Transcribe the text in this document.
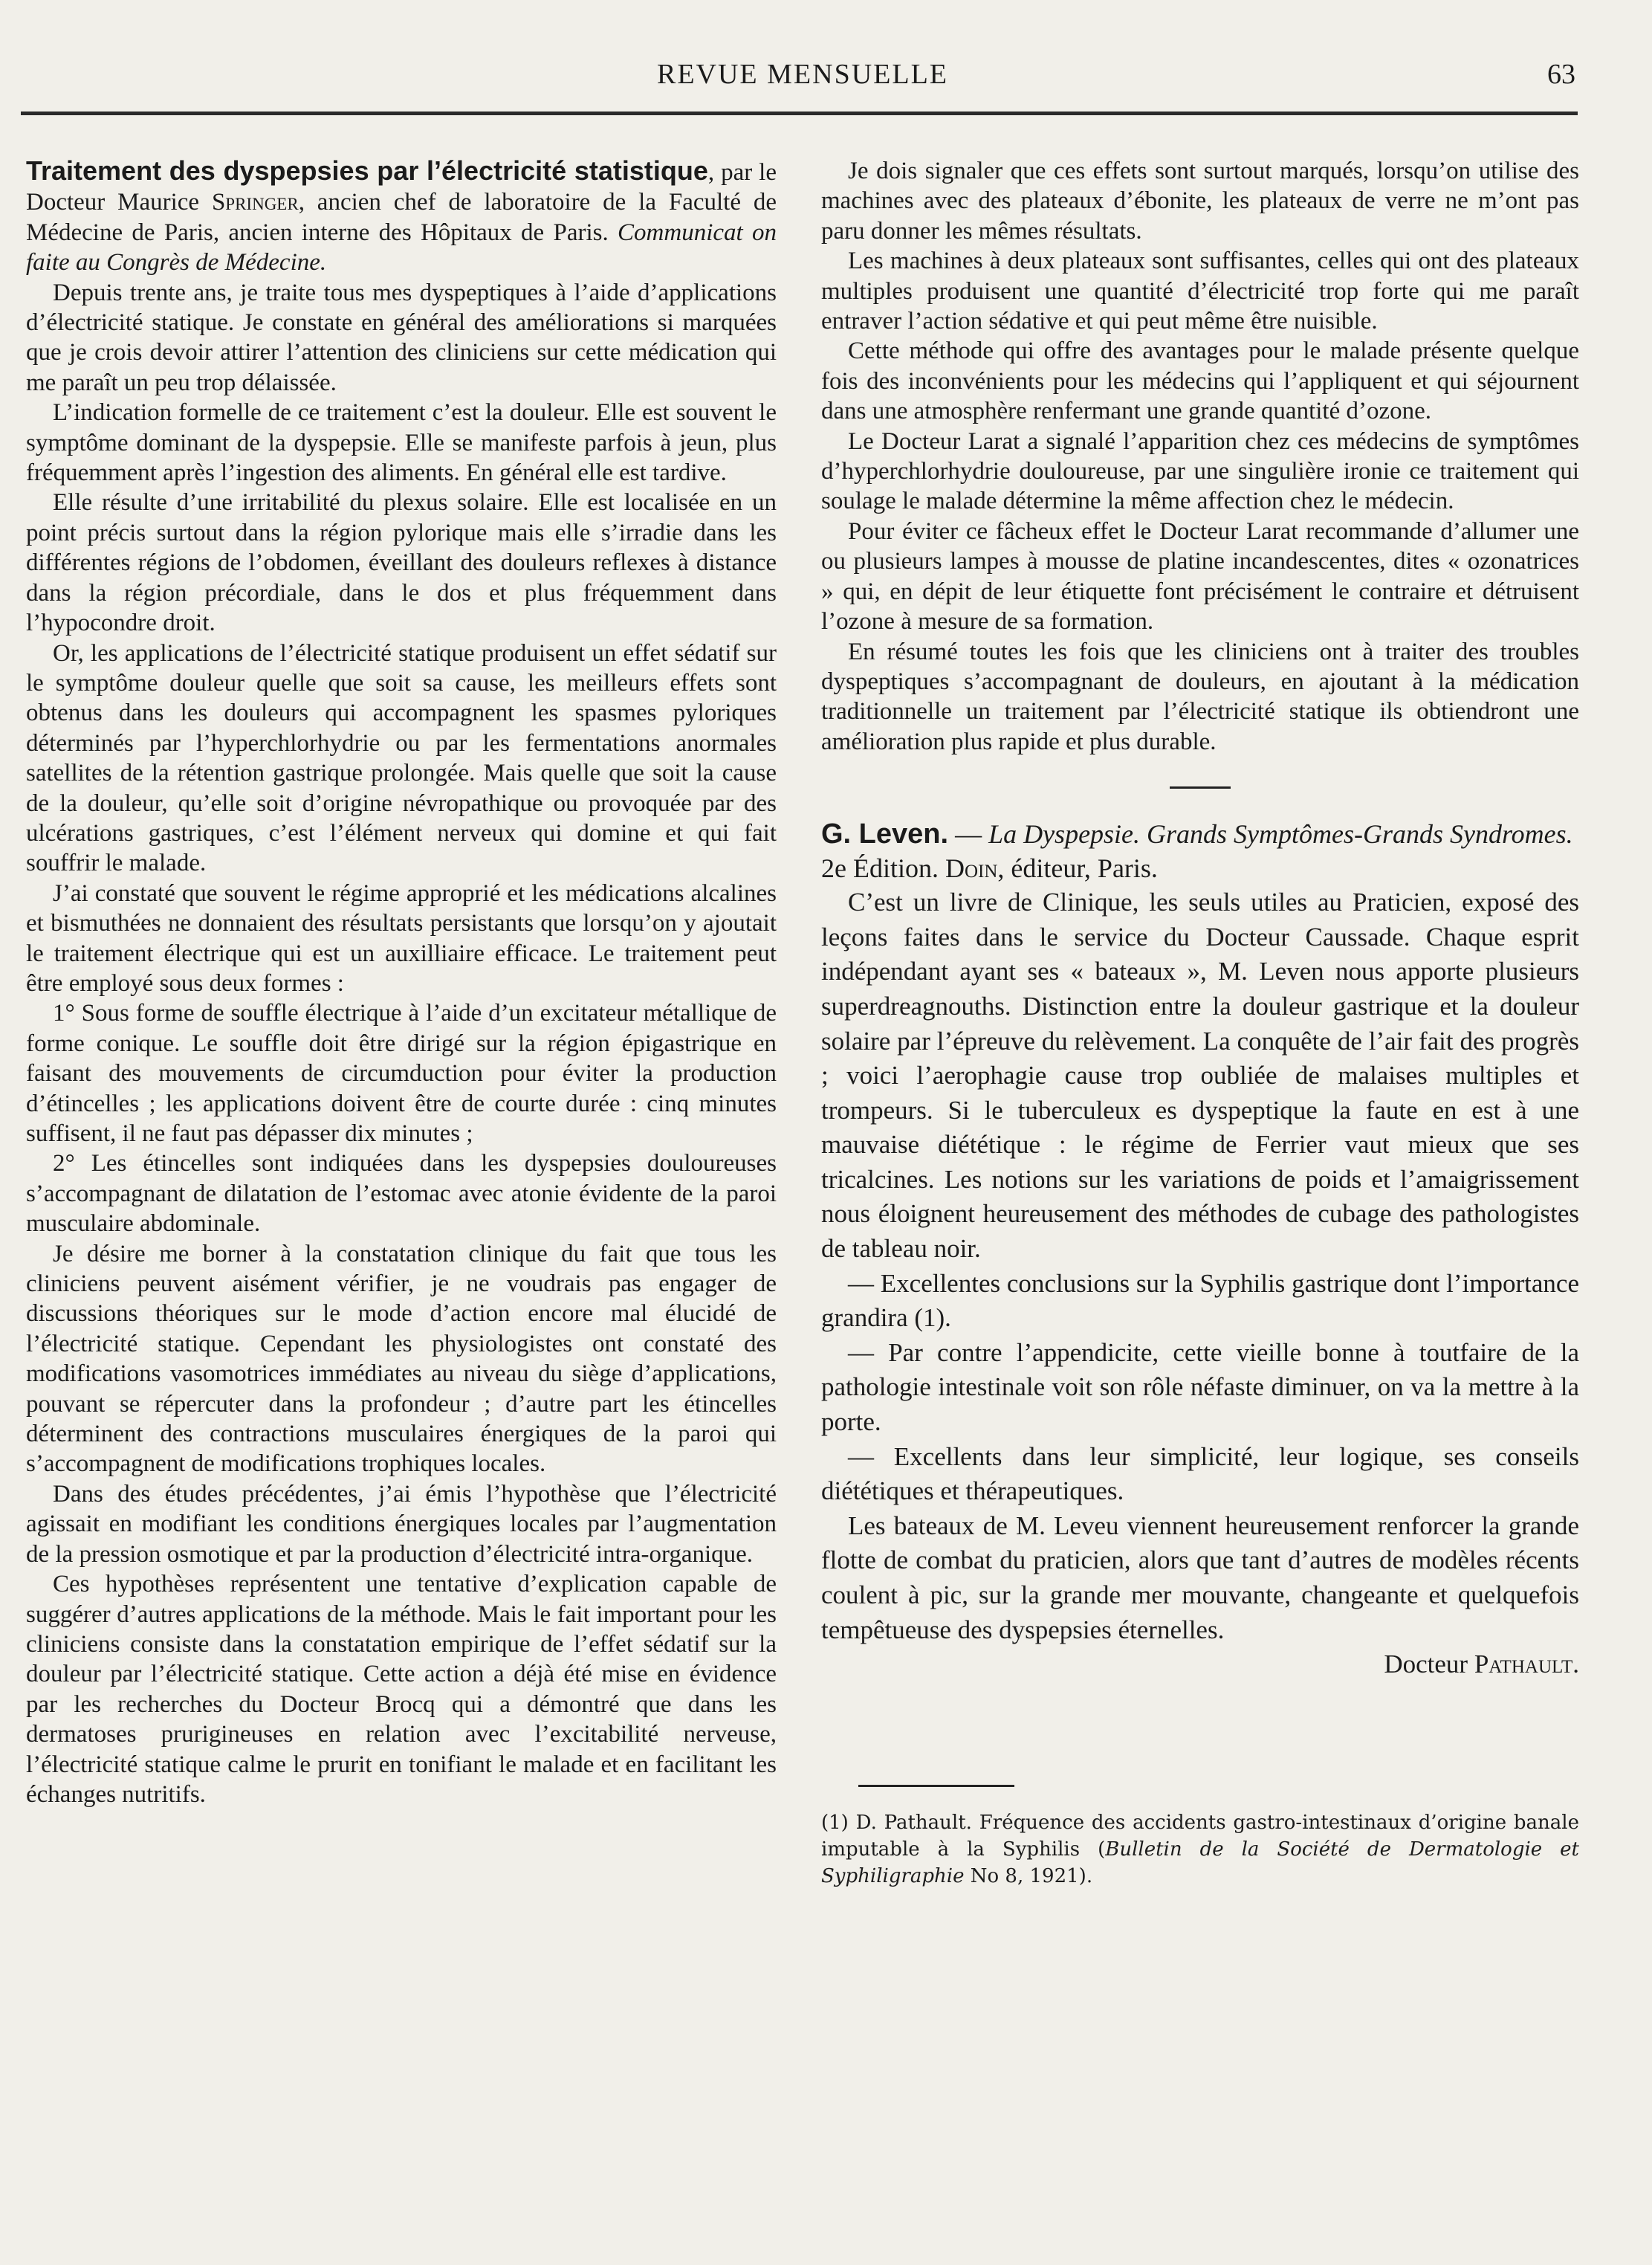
REVUE MENSUELLE	63

Traitement des dyspepsies par l’électricité statistique, par le Docteur Maurice Springer, ancien chef de laboratoire de la Faculté de Médecine de Paris, ancien interne des Hôpitaux de Paris. Communicat on faite au Congrès de Médecine.

Depuis trente ans, je traite tous mes dyspeptiques à l’aide d’applications d’électricité statique. Je constate en général des améliorations si marquées que je crois devoir attirer l’attention des cliniciens sur cette médication qui me paraît un peu trop délaissée.

L’indication formelle de ce traitement c’est la douleur. Elle est souvent le symptôme dominant de la dyspepsie. Elle se manifeste parfois à jeun, plus fréquemment après l’ingestion des aliments. En général elle est tardive.

Elle résulte d’une irritabilité du plexus solaire. Elle est localisée en un point précis surtout dans la région pylorique mais elle s’irradie dans les différentes régions de l’obdomen, éveillant des douleurs reflexes à distance dans la région précordiale, dans le dos et plus fréquemment dans l’hypocondre droit.

Or, les applications de l’électricité statique produisent un effet sédatif sur le symptôme douleur quelle que soit sa cause, les meilleurs effets sont obtenus dans les douleurs qui accompagnent les spasmes pyloriques déterminés par l’hyperchlorhydrie ou par les fermentations anormales satellites de la rétention gastrique prolongée. Mais quelle que soit la cause de la douleur, qu’elle soit d’origine névropathique ou provoquée par des ulcérations gastriques, c’est l’élément nerveux qui domine et qui fait souffrir le malade.

J’ai constaté que souvent le régime approprié et les médications alcalines et bismuthées ne donnaient des résultats persistants que lorsqu’on y ajoutait le traitement électrique qui est un auxilliaire efficace. Le traitement peut être employé sous deux formes :

1° Sous forme de souffle électrique à l’aide d’un excitateur métallique de forme conique. Le souffle doit être dirigé sur la région épigastrique en faisant des mouvements de circumduction pour éviter la production d’étincelles ; les applications doivent être de courte durée : cinq minutes suffisent, il ne faut pas dépasser dix minutes ;

2° Les étincelles sont indiquées dans les dyspepsies douloureuses s’accompagnant de dilatation de l’estomac avec atonie évidente de la paroi musculaire abdominale.

Je désire me borner à la constatation clinique du fait que tous les cliniciens peuvent aisément vérifier, je ne voudrais pas engager de discussions théoriques sur le mode d’action encore mal élucidé de l’électricité statique. Cependant les physiologistes ont constaté des modifications vasomotrices immédiates au niveau du siège d’applications, pouvant se répercuter dans la profondeur ; d’autre part les étincelles déterminent des contractions musculaires énergiques de la paroi qui s’accompagnent de modifications trophiques locales.

Dans des études précédentes, j’ai émis l’hypothèse que l’électricité agissait en modifiant les conditions énergiques locales par l’augmentation de la pression osmotique et par la production d’électricité intra-organique.

Ces hypothèses représentent une tentative d’explication capable de suggérer d’autres applications de la méthode. Mais le fait important pour les cliniciens consiste dans la constatation empirique de l’effet sédatif sur la douleur par l’électricité statique. Cette action a déjà été mise en évidence par les recherches du Docteur Brocq qui a démontré que dans les dermatoses prurigineuses en relation avec l’excitabilité nerveuse, l’électricité statique calme le prurit en tonifiant le malade et en facilitant les échanges nutritifs.

Je dois signaler que ces effets sont surtout marqués, lorsqu’on utilise des machines avec des plateaux d’ébonite, les plateaux de verre ne m’ont pas paru donner les mêmes résultats.

Les machines à deux plateaux sont suffisantes, celles qui ont des plateaux multiples produisent une quantité d’électricité trop forte qui me paraît entraver l’action sédative et qui peut même être nuisible.

Cette méthode qui offre des avantages pour le malade présente quelque fois des inconvénients pour les médecins qui l’appliquent et qui séjournent dans une atmosphère renfermant une grande quantité d’ozone.

Le Docteur Larat a signalé l’apparition chez ces médecins de symptômes d’hyperchlorhydrie douloureuse, par une singulière ironie ce traitement qui soulage le malade détermine la même affection chez le médecin.

Pour éviter ce fâcheux effet le Docteur Larat recommande d’allumer une ou plusieurs lampes à mousse de platine incandescentes, dites « ozonatrices » qui, en dépit de leur étiquette font précisément le contraire et détruisent l’ozone à mesure de sa formation.

En résumé toutes les fois que les cliniciens ont à traiter des troubles dyspeptiques s’accompagnant de douleurs, en ajoutant à la médication traditionnelle un traitement par l’électricité statique ils obtiendront une amélioration plus rapide et plus durable.

G. Leven. — La Dyspepsie. Grands Symptômes-Grands Syndromes. 2e Édition. Doin, éditeur, Paris.

C’est un livre de Clinique, les seuls utiles au Praticien, exposé des leçons faites dans le service du Docteur Caussade. Chaque esprit indépendant ayant ses « bateaux », M. Leven nous apporte plusieurs superdreagnouths. Distinction entre la douleur gastrique et la douleur solaire par l’épreuve du relèvement. La conquête de l’air fait des progrès ; voici l’aerophagie cause trop oubliée de malaises multiples et trompeurs. Si le tuberculeux es dyspeptique la faute en est à une mauvaise diététique : le régime de Ferrier vaut mieux que ses tricalcines. Les notions sur les variations de poids et l’amaigrissement nous éloignent heureusement des méthodes de cubage des pathologistes de tableau noir.

— Excellentes conclusions sur la Syphilis gastrique dont l’importance grandira (1).

— Par contre l’appendicite, cette vieille bonne à toutfaire de la pathologie intestinale voit son rôle néfaste diminuer, on va la mettre à la porte.

— Excellents dans leur simplicité, leur logique, ses conseils diététiques et thérapeutiques.

Les bateaux de M. Leveu viennent heureusement renforcer la grande flotte de combat du praticien, alors que tant d’autres de modèles récents coulent à pic, sur la grande mer mouvante, changeante et quelquefois tempêtueuse des dyspepsies éternelles.

Docteur Pathault.

(1) D. Pathault. Fréquence des accidents gastro-intestinaux d’origine banale imputable à la Syphilis (Bulletin de la Société de Dermatologie et Syphiligraphie No 8, 1921).
